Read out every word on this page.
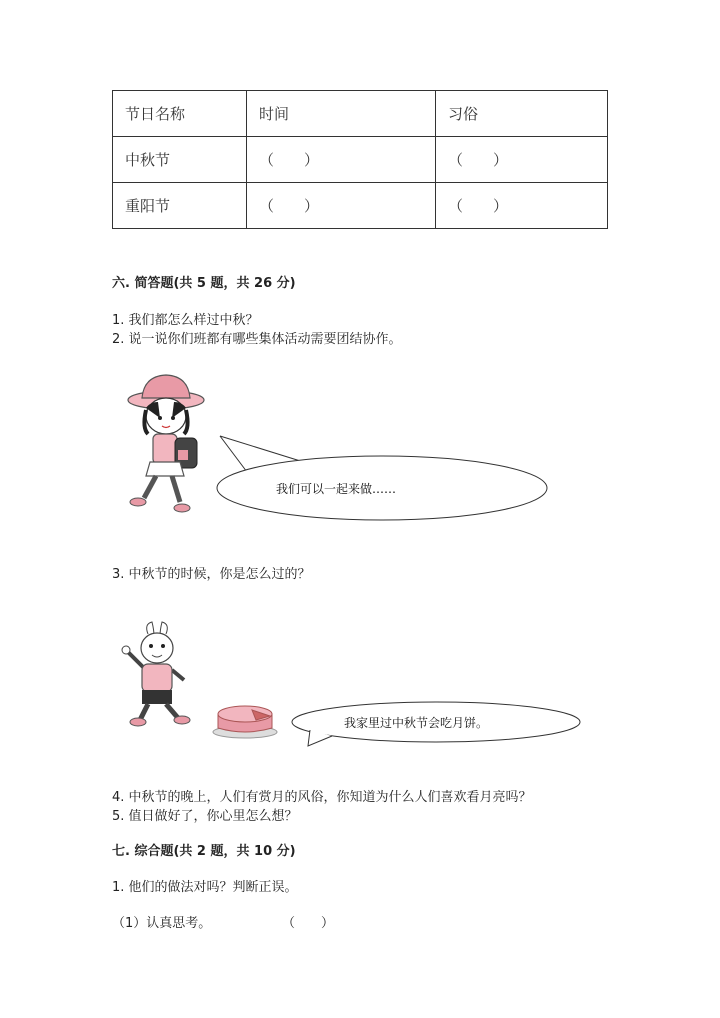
节日名称	时间	习俗
中秋节	（　　）	（　　）
重阳节	（　　）	（　　）
六. 简答题(共 5 题，共 26 分)
1. 我们都怎么样过中秋？
2. 说一说你们班都有哪些集体活动需要团结协作。
我们可以一起来做……
3. 中秋节的时候，你是怎么过的？
我家里过中秋节会吃月饼。
4. 中秋节的晚上，人们有赏月的风俗，你知道为什么人们喜欢看月亮吗？
5. 值日做好了，你心里怎么想？
七. 综合题(共 2 题，共 10 分)
1. 他们的做法对吗？判断正误。
（1）认真思考。	（　　）
